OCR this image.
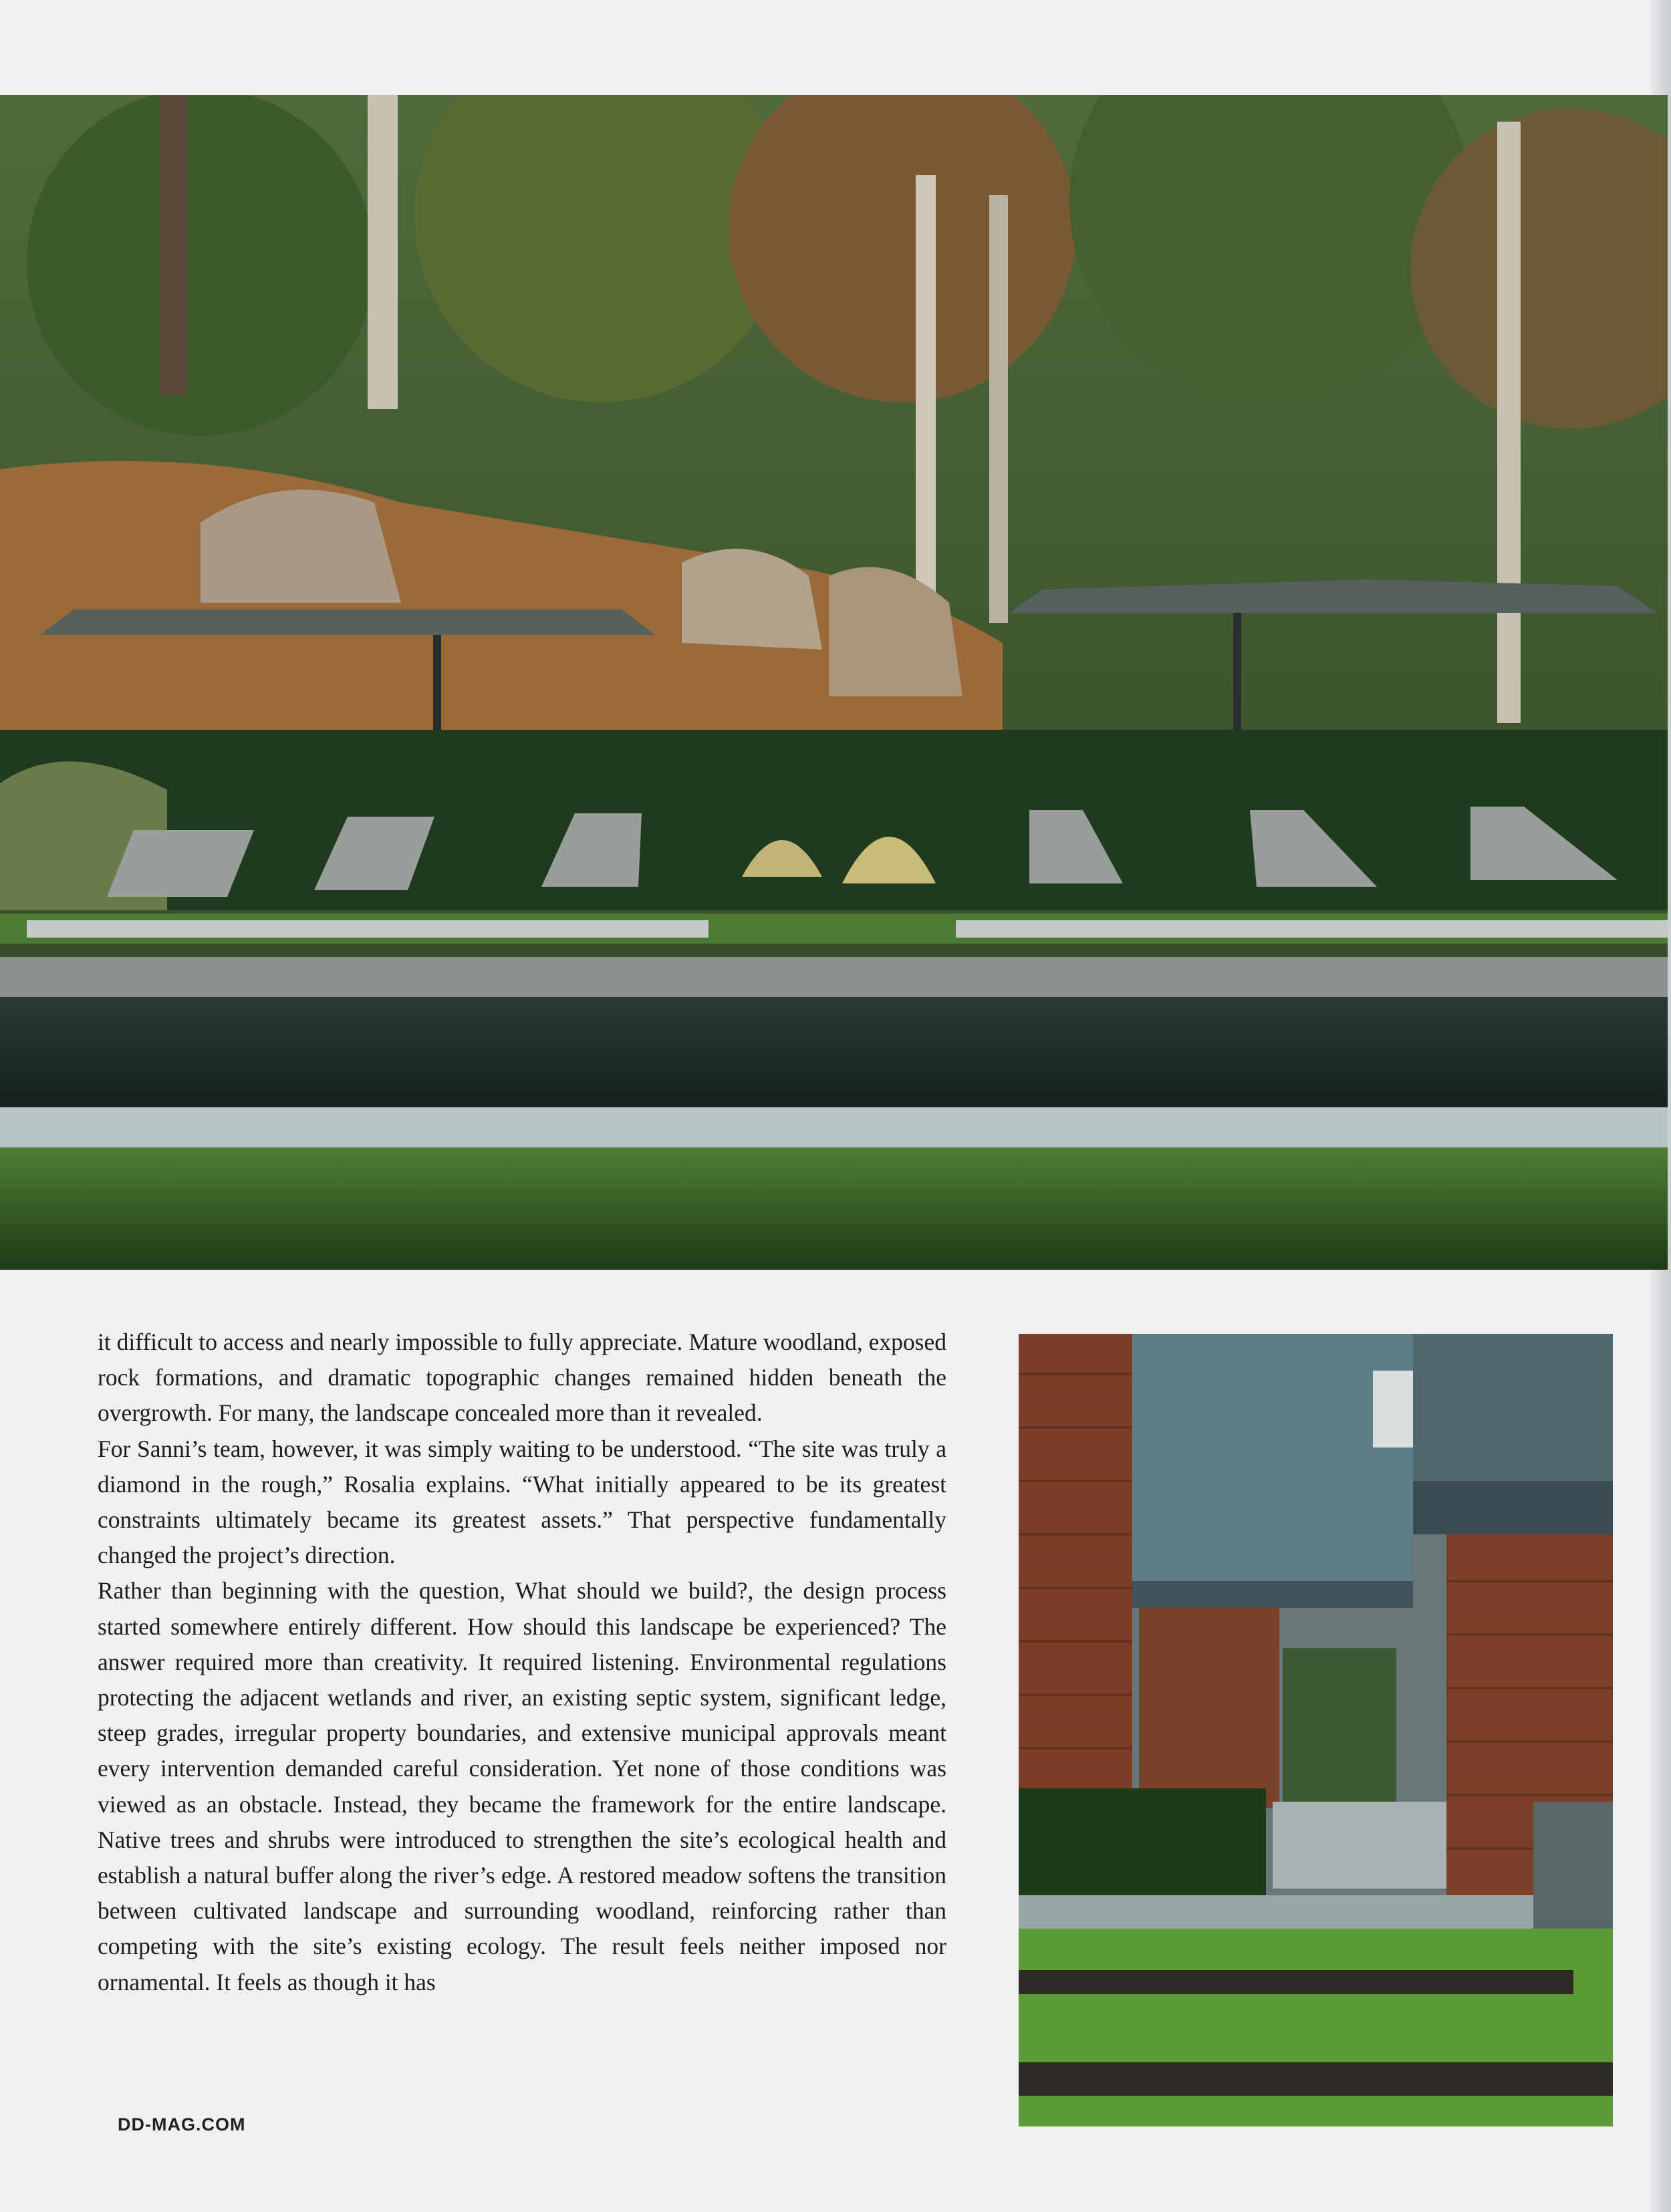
it difficult to access and nearly impossible to fully appreciate. Mature woodland, exposed rock formations, and dramatic topographic changes remained hidden beneath the overgrowth. For many, the landscape concealed more than it revealed.

For Sanni’s team, however, it was simply waiting to be understood. “The site was truly a diamond in the rough,” Rosalia explains. “What initially appeared to be its greatest constraints ultimately became its greatest assets.” That perspective fundamentally changed the project’s direction.

Rather than beginning with the question, What should we build?, the design process started somewhere entirely different. How should this landscape be experienced? The answer required more than creativity. It required listening. Environmental regulations protecting the adjacent wetlands and river, an existing septic system, significant ledge, steep grades, irregular property boundaries, and extensive municipal approvals meant every intervention demanded careful consideration. Yet none of those conditions was viewed as an obstacle. Instead, they became the framework for the entire landscape. Native trees and shrubs were introduced to strengthen the site’s ecological health and establish a natural buffer along the river’s edge. A restored meadow softens the transition between cultivated landscape and surrounding woodland, reinforcing rather than competing with the site’s existing ecology. The result feels neither imposed nor ornamental. It feels as though it has

DD-MAG.COM
